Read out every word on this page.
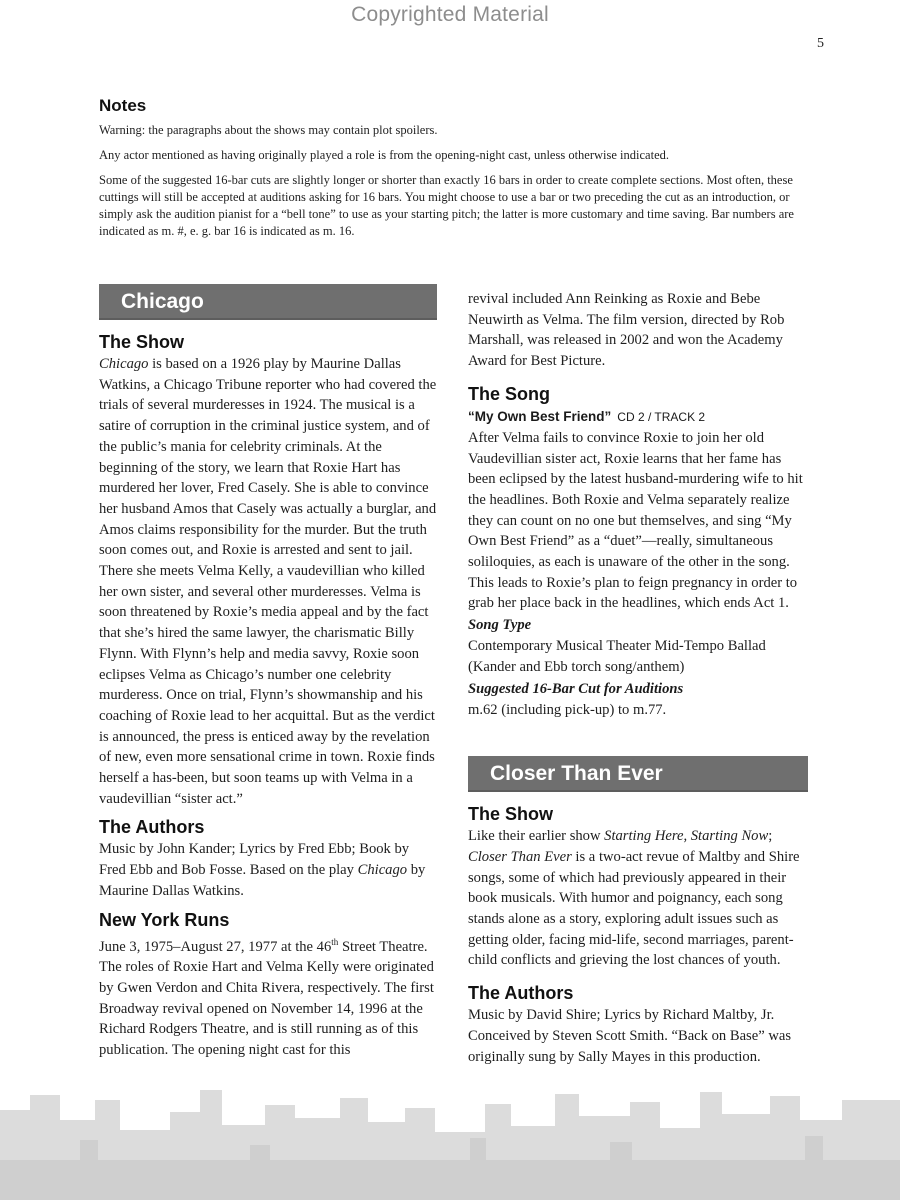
Copyrighted Material
5
Notes

Warning: the paragraphs about the shows may contain plot spoilers.

Any actor mentioned as having originally played a role is from the opening-night cast, unless otherwise indicated.

Some of the suggested 16-bar cuts are slightly longer or shorter than exactly 16 bars in order to create complete sections. Most often, these cuttings will still be accepted at auditions asking for 16 bars. You might choose to use a bar or two preceding the cut as an introduction, or simply ask the audition pianist for a “bell tone” to use as your starting pitch; the latter is more customary and time saving. Bar numbers are indicated as m. #, e. g. bar 16 is indicated as m. 16.

Chicago
The Show

Chicago is based on a 1926 play by Maurine Dallas Watkins, a Chicago Tribune reporter who had covered the trials of several murderesses in 1924. The musical is a satire of corruption in the criminal justice system, and of the public’s mania for celebrity criminals. At the beginning of the story, we learn that Roxie Hart has murdered her lover, Fred Casely. She is able to convince her husband Amos that Casely was actually a burglar, and Amos claims responsibility for the murder. But the truth soon comes out, and Roxie is arrested and sent to jail. There she meets Velma Kelly, a vaudevillian who killed her own sister, and several other murderesses. Velma is soon threatened by Roxie’s media appeal and by the fact that she’s hired the same lawyer, the charismatic Billy Flynn. With Flynn’s help and media savvy, Roxie soon eclipses Velma as Chicago’s number one celebrity murderess. Once on trial, Flynn’s showmanship and his coaching of Roxie lead to her acquittal. But as the verdict is announced, the press is enticed away by the revelation of new, even more sensational crime in town. Roxie finds herself a has-been, but soon teams up with Velma in a vaudevillian “sister act.”

The Authors

Music by John Kander; Lyrics by Fred Ebb; Book by Fred Ebb and Bob Fosse. Based on the play Chicago by Maurine Dallas Watkins.

New York Runs

June 3, 1975–August 27, 1977 at the 46th Street Theatre. The roles of Roxie Hart and Velma Kelly were originated by Gwen Verdon and Chita Rivera, respectively. The first Broadway revival opened on November 14, 1996 at the Richard Rodgers Theatre, and is still running as of this publication. The opening night cast for this

revival included Ann Reinking as Roxie and Bebe Neuwirth as Velma. The film version, directed by Rob Marshall, was released in 2002 and won the Academy Award for Best Picture.

The Song
“My Own Best Friend” CD 2 / TRACK 2

After Velma fails to convince Roxie to join her old Vaudevillian sister act, Roxie learns that her fame has been eclipsed by the latest husband-murdering wife to hit the headlines. Both Roxie and Velma separately realize they can count on no one but themselves, and sing “My Own Best Friend” as a “duet”—really, simultaneous soliloquies, as each is unaware of the other in the song. This leads to Roxie’s plan to feign pregnancy in order to grab her place back in the headlines, which ends Act 1.

Song Type

Contemporary Musical Theater Mid-Tempo Ballad (Kander and Ebb torch song/anthem)

Suggested 16-Bar Cut for Auditions

m.62 (including pick-up) to m.77.

Closer Than Ever
The Show

Like their earlier show Starting Here, Starting Now; Closer Than Ever is a two-act revue of Maltby and Shire songs, some of which had previously appeared in their book musicals. With humor and poignancy, each song stands alone as a story, exploring adult issues such as getting older, facing mid-life, second marriages, parent-child conflicts and grieving the lost chances of youth.

The Authors

Music by David Shire; Lyrics by Richard Maltby, Jr. Conceived by Steven Scott Smith. “Back on Base” was originally sung by Sally Mayes in this production.
